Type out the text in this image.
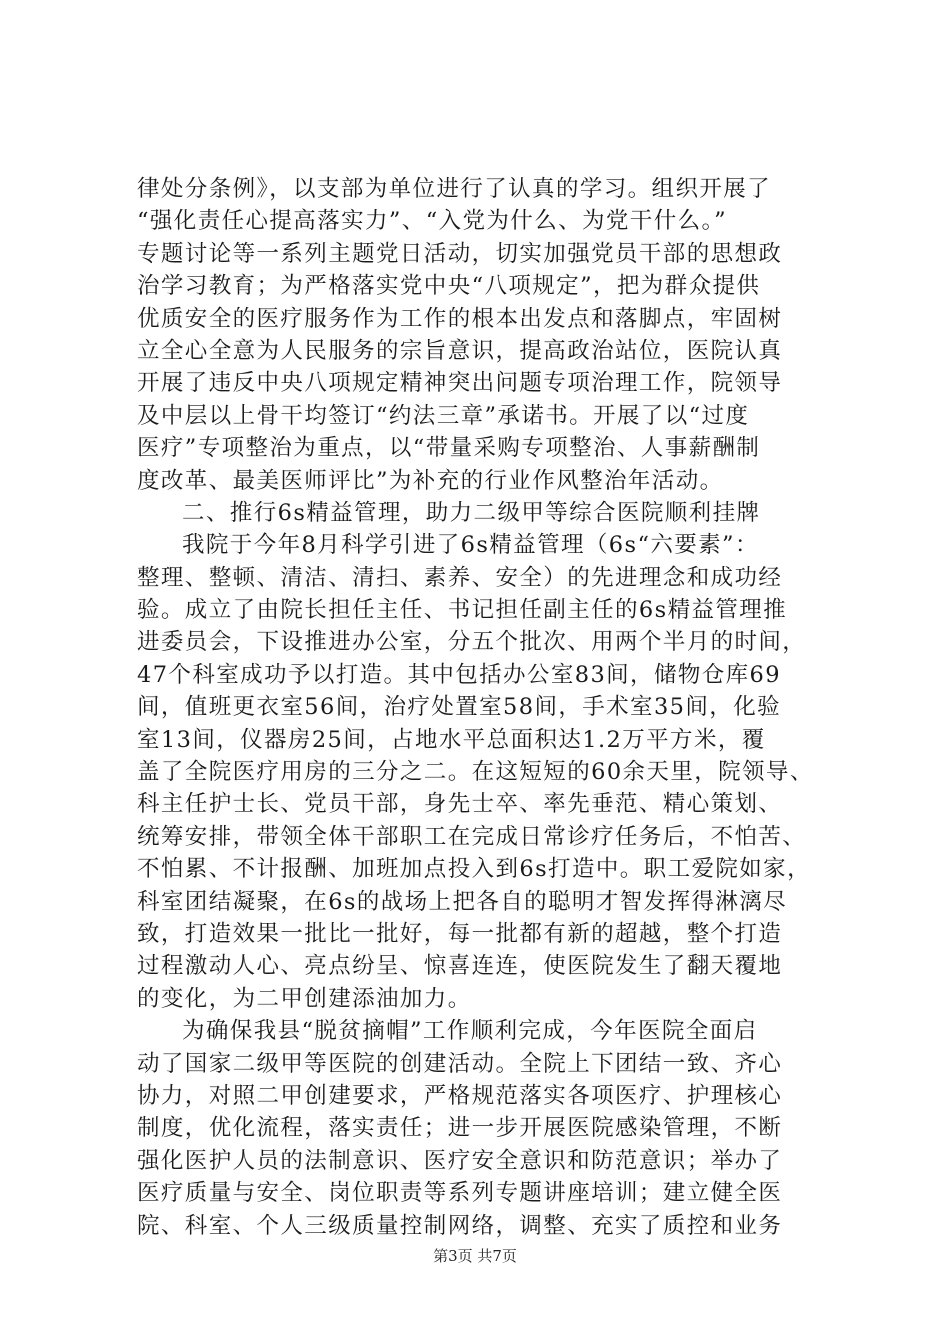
律处分条例》，以支部为单位进行了认真的学习。组织开展了
“强化责任心提高落实力”、“入党为什么、为党干什么。”
专题讨论等一系列主题党日活动，切实加强党员干部的思想政
治学习教育；为严格落实党中央“八项规定”，把为群众提供
优质安全的医疗服务作为工作的根本出发点和落脚点，牢固树
立全心全意为人民服务的宗旨意识，提高政治站位，医院认真
开展了违反中央八项规定精神突出问题专项治理工作，院领导
及中层以上骨干均签订“约法三章”承诺书。开展了以“过度
医疗”专项整治为重点，以“带量采购专项整治、人事薪酬制
度改革、最美医师评比”为补充的行业作风整治年活动。
二、推行6s精益管理，助力二级甲等综合医院顺利挂牌
我院于今年8月科学引进了6s精益管理（6s“六要素”：
整理、整顿、清洁、清扫、素养、安全）的先进理念和成功经
验。成立了由院长担任主任、书记担任副主任的6s精益管理推
进委员会，下设推进办公室，分五个批次、用两个半月的时间，
47个科室成功予以打造。其中包括办公室83间，储物仓库69
间，值班更衣室56间，治疗处置室58间，手术室35间，化验
室13间，仪器房25间，占地水平总面积达1.2万平方米，覆
盖了全院医疗用房的三分之二。在这短短的60余天里，院领导、
科主任护士长、党员干部，身先士卒、率先垂范、精心策划、
统筹安排，带领全体干部职工在完成日常诊疗任务后，不怕苦、
不怕累、不计报酬、加班加点投入到6s打造中。职工爱院如家，
科室团结凝聚，在6s的战场上把各自的聪明才智发挥得淋漓尽
致，打造效果一批比一批好，每一批都有新的超越，整个打造
过程激动人心、亮点纷呈、惊喜连连，使医院发生了翻天覆地
的变化，为二甲创建添油加力。
为确保我县“脱贫摘帽”工作顺利完成，今年医院全面启
动了国家二级甲等医院的创建活动。全院上下团结一致、齐心
协力，对照二甲创建要求，严格规范落实各项医疗、护理核心
制度，优化流程，落实责任；进一步开展医院感染管理，不断
强化医护人员的法制意识、医疗安全意识和防范意识；举办了
医疗质量与安全、岗位职责等系列专题讲座培训；建立健全医
院、科室、个人三级质量控制网络，调整、充实了质控和业务
第3页 共7页
